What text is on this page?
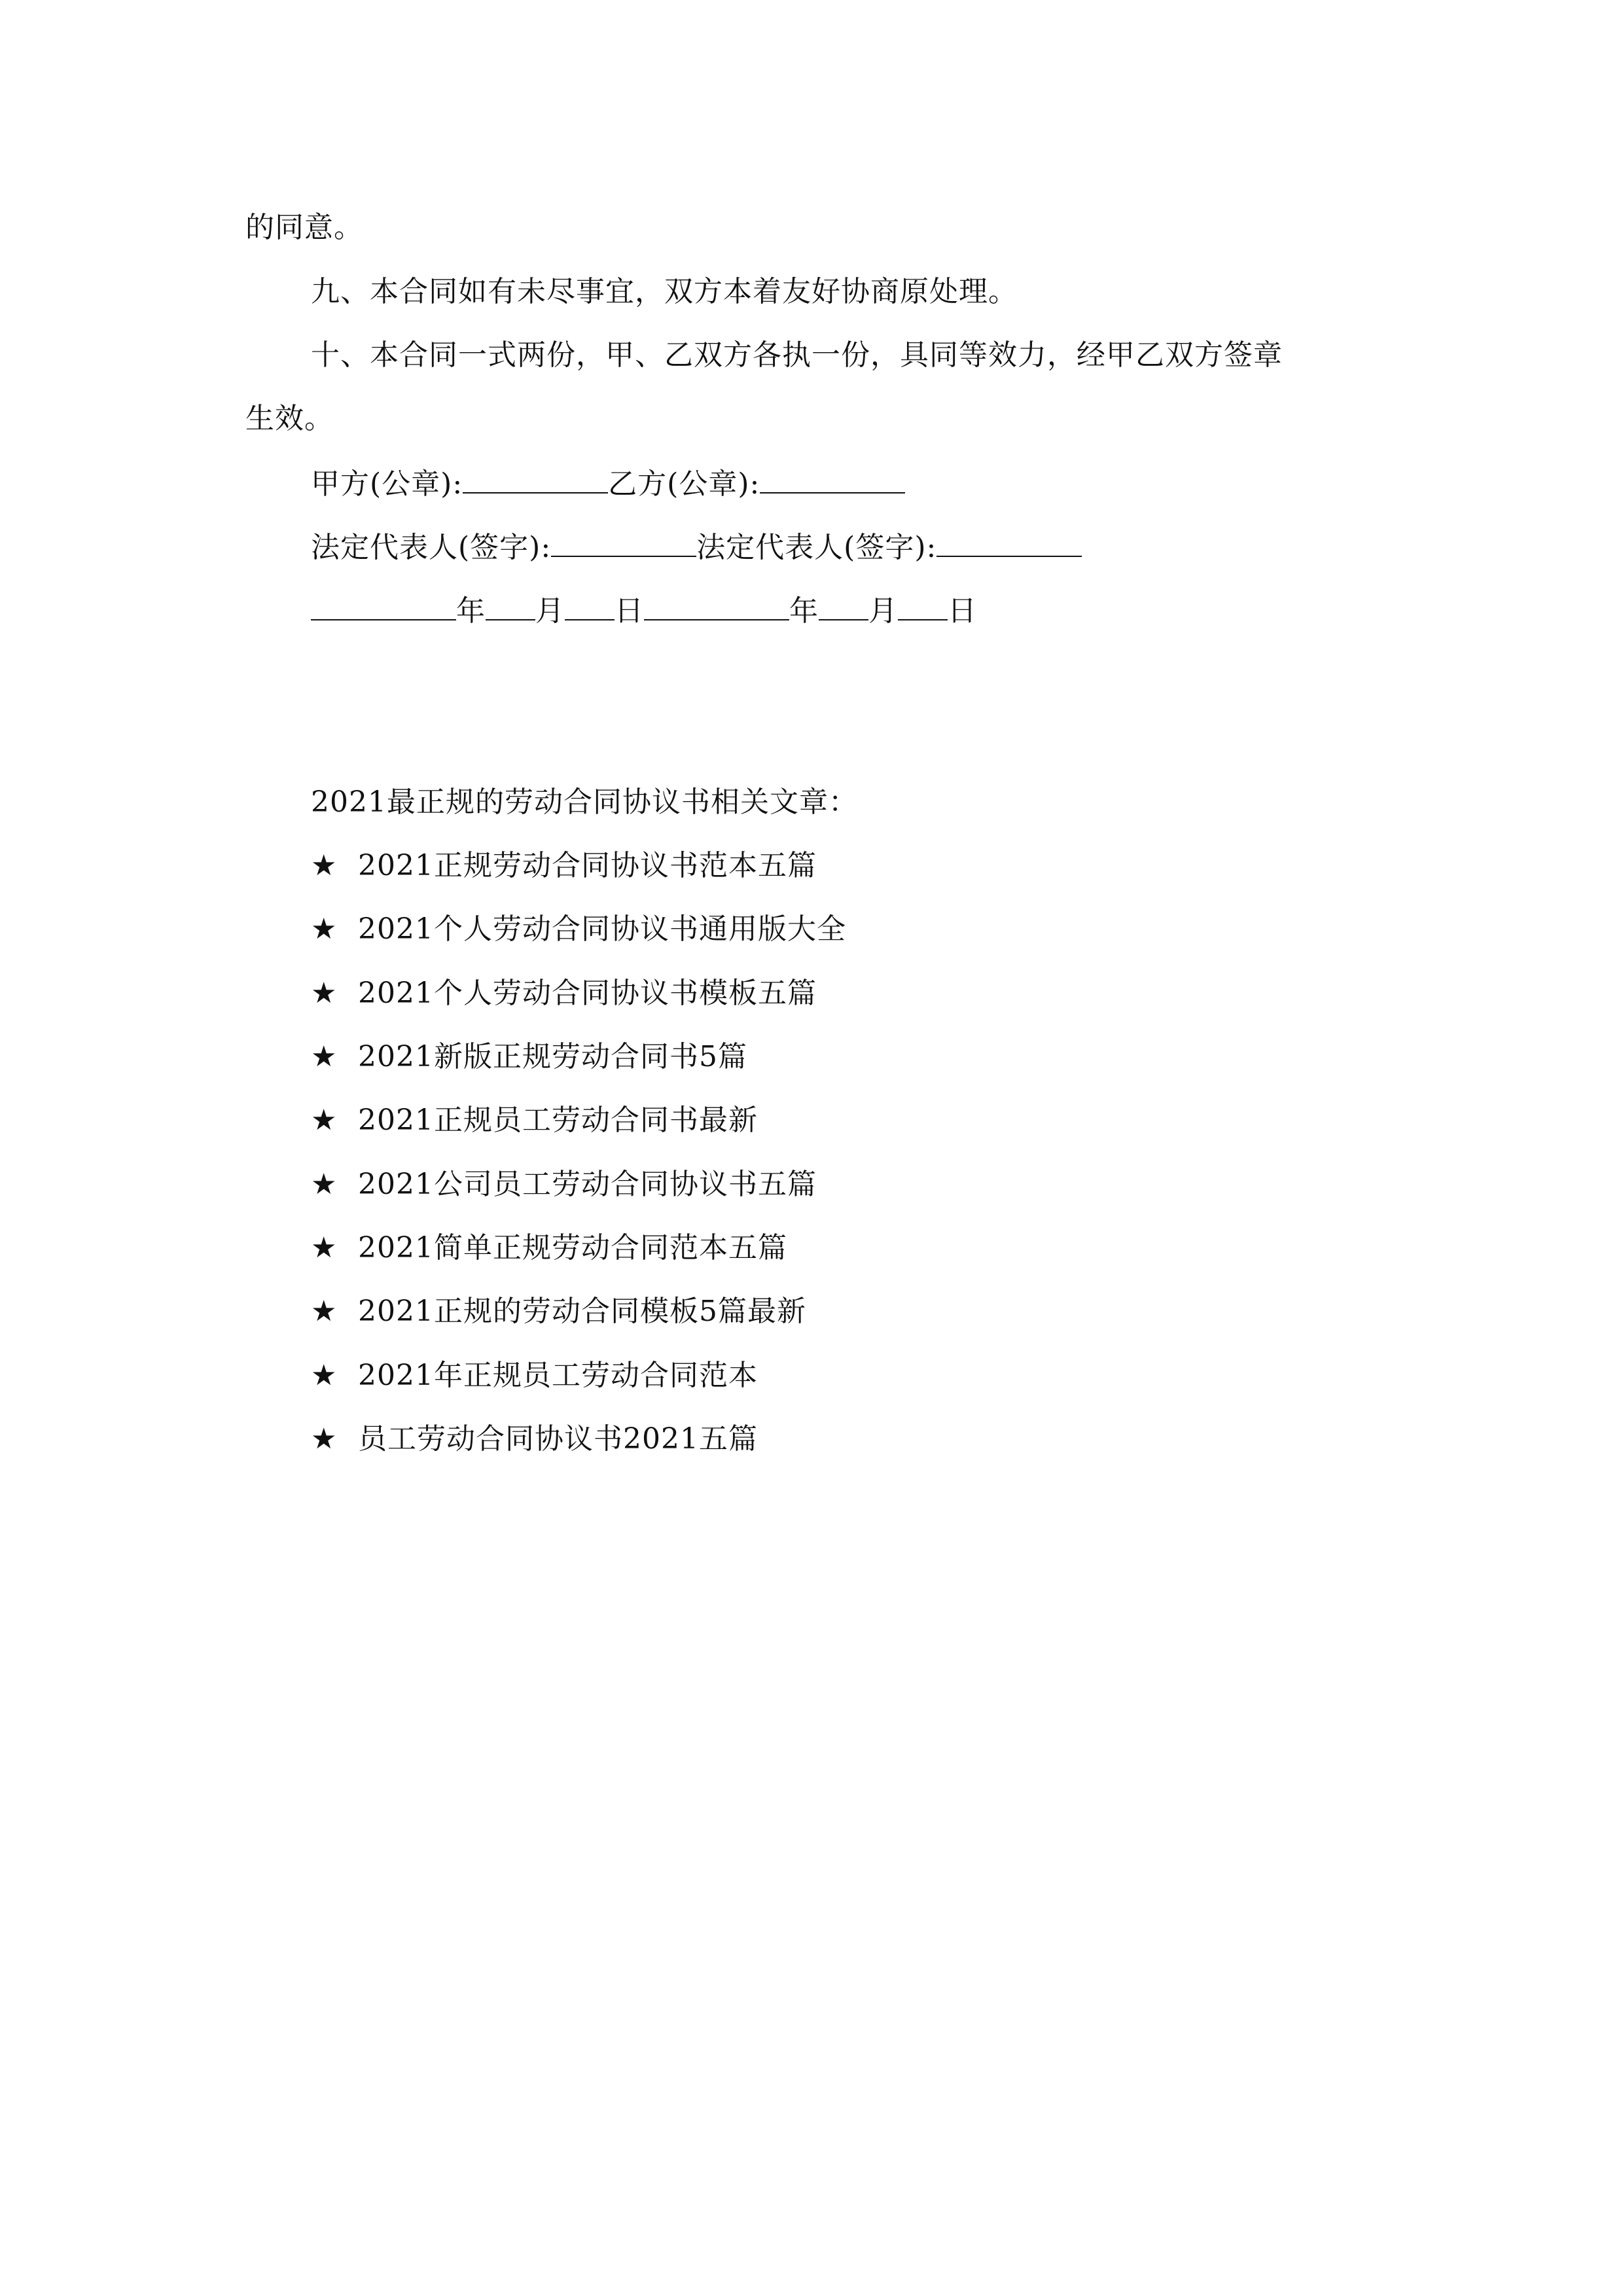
的同意。
九、本合同如有未尽事宜，双方本着友好协商原处理。
十、本合同一式两份，甲、乙双方各执一份，具同等效力，经甲乙双方签章
生效。
甲方(公章):	乙方(公章):
法定代表人(签字):	法定代表人(签字):
年 月 日	年 月 日
2021最正规的劳动合同协议书相关文章：
★ 2021正规劳动合同协议书范本五篇
★ 2021个人劳动合同协议书通用版大全
★ 2021个人劳动合同协议书模板五篇
★ 2021新版正规劳动合同书5篇
★ 2021正规员工劳动合同书最新
★ 2021公司员工劳动合同协议书五篇
★ 2021简单正规劳动合同范本五篇
★ 2021正规的劳动合同模板5篇最新
★ 2021年正规员工劳动合同范本
★ 员工劳动合同协议书2021五篇
